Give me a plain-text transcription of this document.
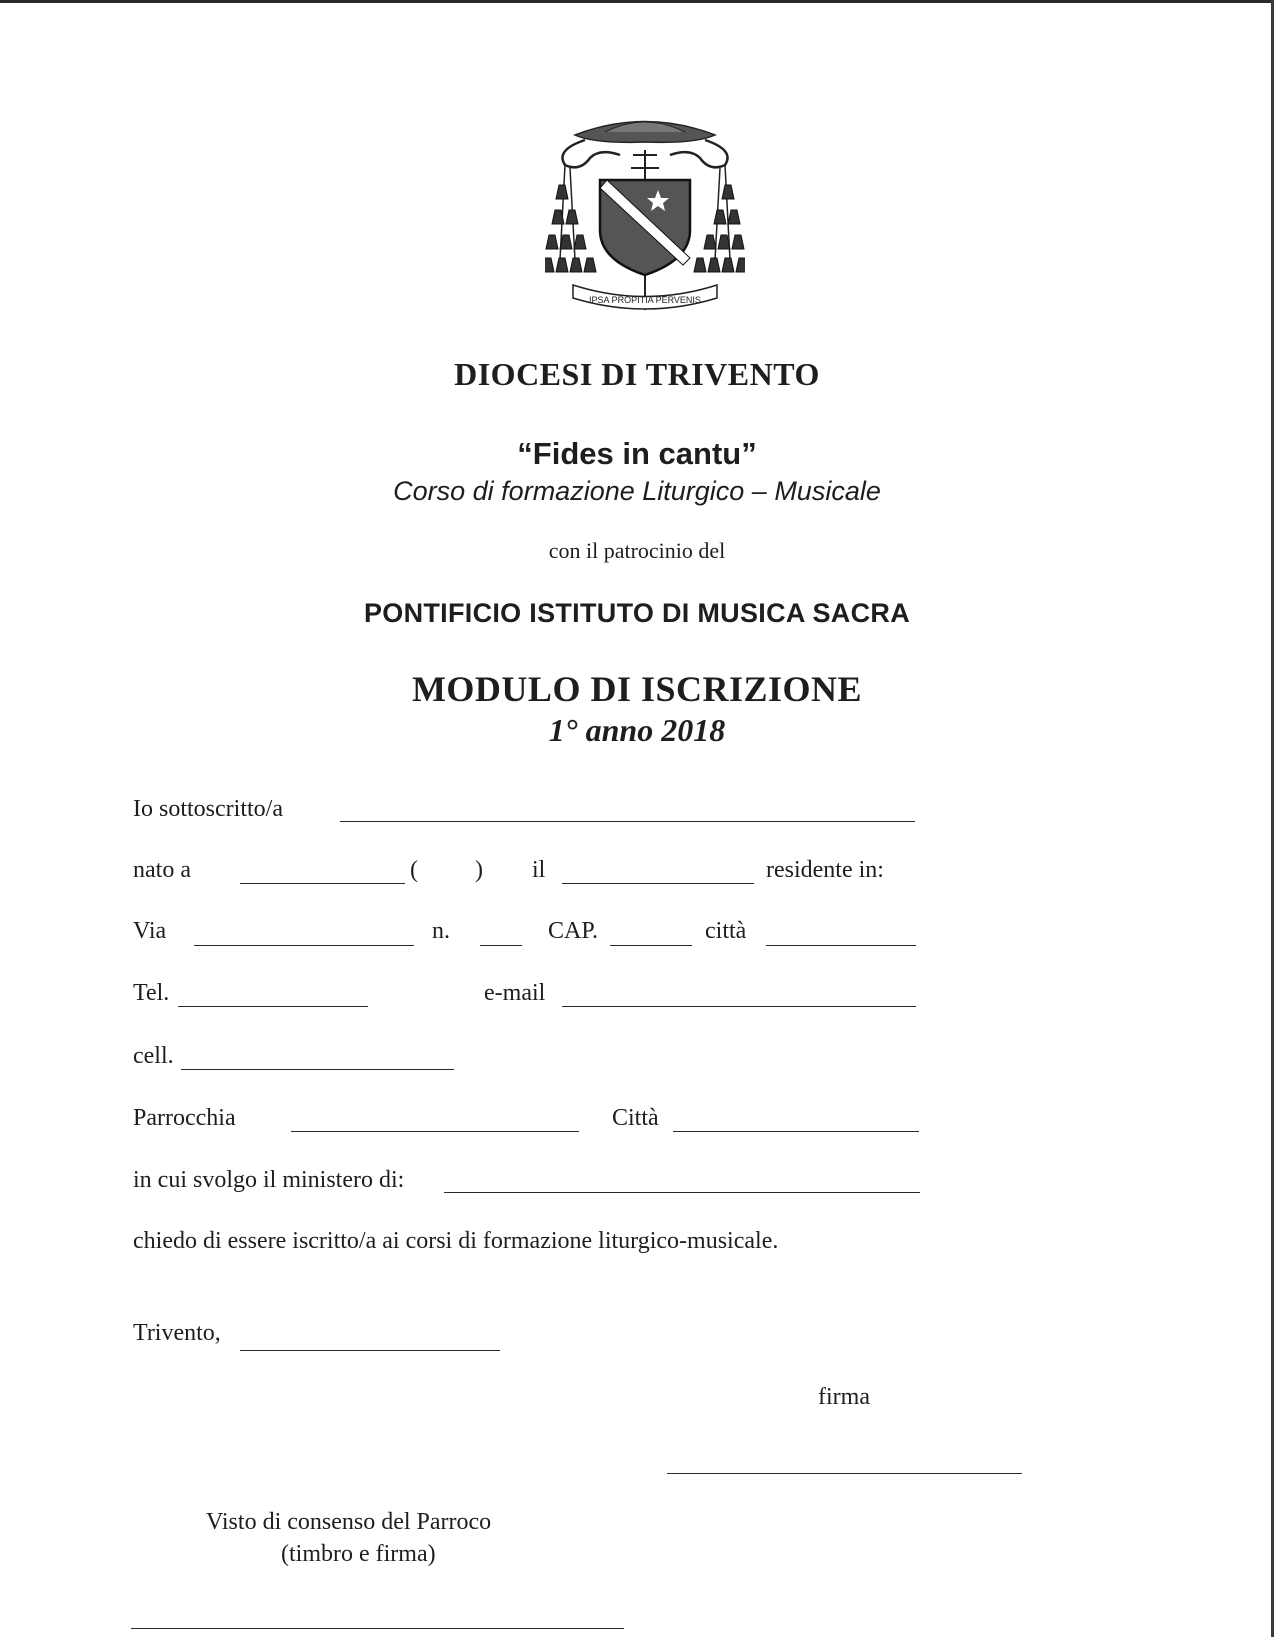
IPSA PROPITIA PERVENIS
DIOCESI DI TRIVENTO
“Fides in cantu”
Corso di formazione Liturgico – Musicale
con il patrocinio del
PONTIFICIO ISTITUTO DI MUSICA SACRA
MODULO DI ISCRIZIONE
1° anno 2018
Io sottoscritto/a
nato a	( ) il	residente in:
Via	n.	CAP.	città
Tel.	e-mail
cell.
Parrocchia	Città
in cui svolgo il ministero di:
chiedo di essere iscritto/a ai corsi di formazione liturgico-musicale.
Trivento,
firma
Visto di consenso del Parroco
(timbro e firma)
